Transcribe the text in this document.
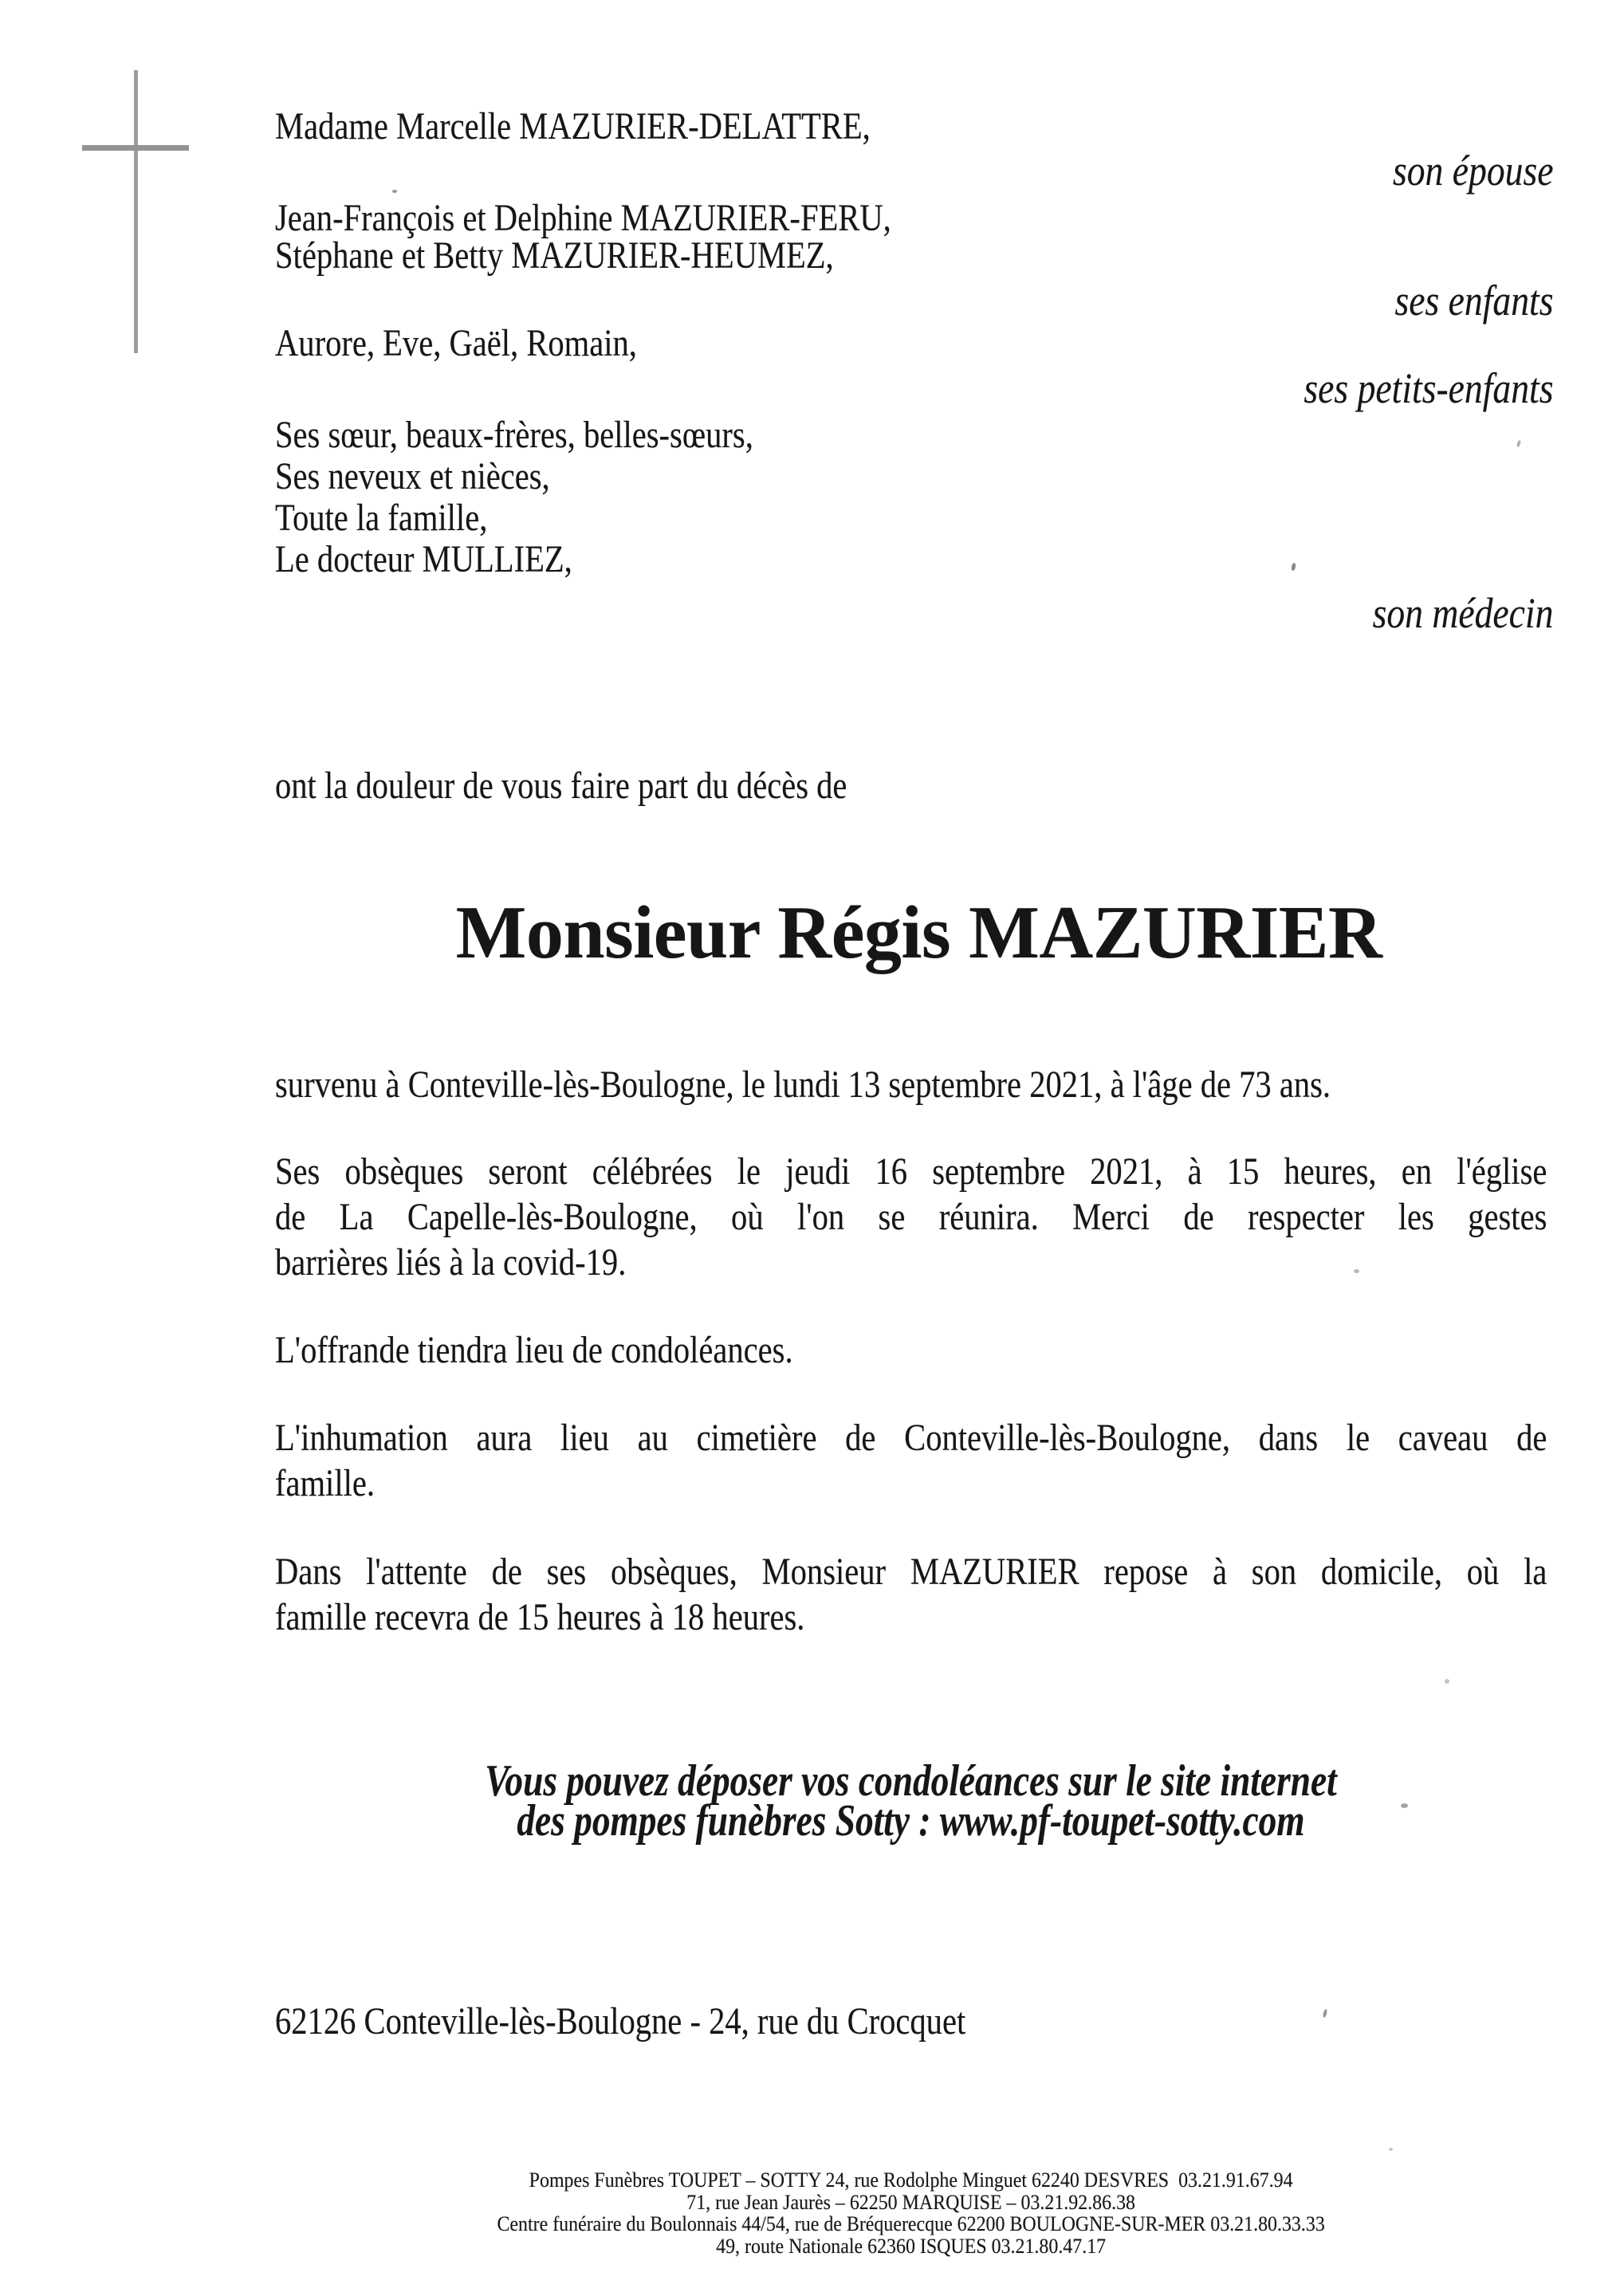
Madame Marcelle MAZURIER-DELATTRE,
son épouse
Jean-François et Delphine MAZURIER-FERU,
Stéphane et Betty MAZURIER-HEUMEZ,
ses enfants
Aurore, Eve, Gaël, Romain,
ses petits-enfants
Ses sœur, beaux-frères, belles-sœurs,
Ses neveux et nièces,
Toute la famille,
Le docteur MULLIEZ,
son médecin
ont la douleur de vous faire part du décès de
Monsieur Régis MAZURIER
survenu à Conteville-lès-Boulogne, le lundi 13 septembre 2021, à l'âge de 73 ans.
Ses obsèques seront célébrées le jeudi 16 septembre 2021, à 15 heures, en l'église
de La Capelle-lès-Boulogne, où l'on se réunira. Merci de respecter les gestes
barrières liés à la covid-19.
L'offrande tiendra lieu de condoléances.
L'inhumation aura lieu au cimetière de Conteville-lès-Boulogne, dans le caveau de
famille.
Dans l'attente de ses obsèques, Monsieur MAZURIER repose à son domicile, où la
famille recevra de 15 heures à 18 heures.
Vous pouvez déposer vos condoléances sur le site internet
des pompes funèbres Sotty : www.pf-toupet-sotty.com
62126 Conteville-lès-Boulogne - 24, rue du Crocquet
Pompes Funèbres TOUPET – SOTTY 24, rue Rodolphe Minguet 62240 DESVRES  03.21.91.67.94
71, rue Jean Jaurès – 62250 MARQUISE – 03.21.92.86.38
Centre funéraire du Boulonnais 44/54, rue de Bréquerecque 62200 BOULOGNE-SUR-MER 03.21.80.33.33
49, route Nationale 62360 ISQUES 03.21.80.47.17
